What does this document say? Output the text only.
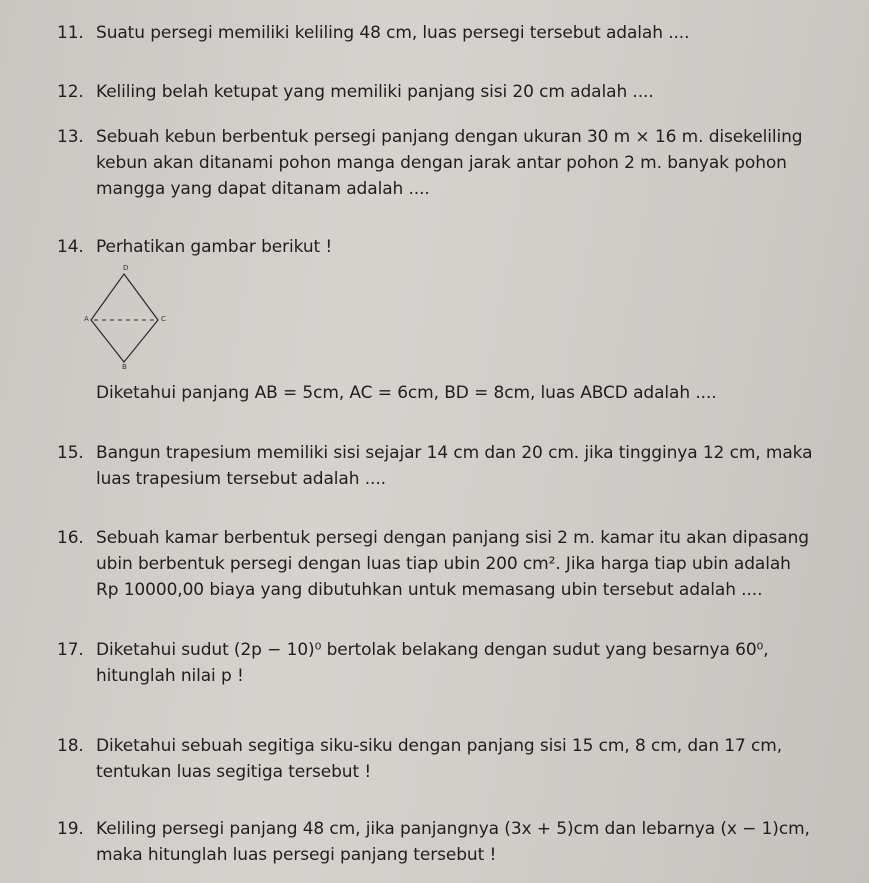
11. Suatu persegi memiliki keliling 48 cm, luas persegi tersebut adalah ....
12. Keliling belah ketupat yang memiliki panjang sisi 20 cm adalah ....
13. Sebuah kebun berbentuk persegi panjang dengan ukuran 30 m × 16 m. disekeliling
kebun akan ditanami pohon manga dengan jarak antar pohon 2 m. banyak pohon
mangga yang dapat ditanam adalah ....
14. Perhatikan gambar berikut !
D
A	C
B
Diketahui panjang AB = 5cm, AC = 6cm, BD = 8cm, luas ABCD adalah ....
15. Bangun trapesium memiliki sisi sejajar 14 cm dan 20 cm. jika tingginya 12 cm, maka
luas trapesium tersebut adalah ....
16. Sebuah kamar berbentuk persegi dengan panjang sisi 2 m. kamar itu akan dipasang
ubin berbentuk persegi dengan luas tiap ubin 200 cm². Jika harga tiap ubin adalah
Rp 10000,00 biaya yang dibutuhkan untuk memasang ubin tersebut adalah ....
17. Diketahui sudut (2p − 10)⁰ bertolak belakang dengan sudut yang besarnya 60⁰,
hitunglah nilai p !
18. Diketahui sebuah segitiga siku-siku dengan panjang sisi 15 cm, 8 cm, dan 17 cm,
tentukan luas segitiga tersebut !
19. Keliling persegi panjang 48 cm, jika panjangnya (3x + 5)cm dan lebarnya (x − 1)cm,
maka hitunglah luas persegi panjang tersebut !
